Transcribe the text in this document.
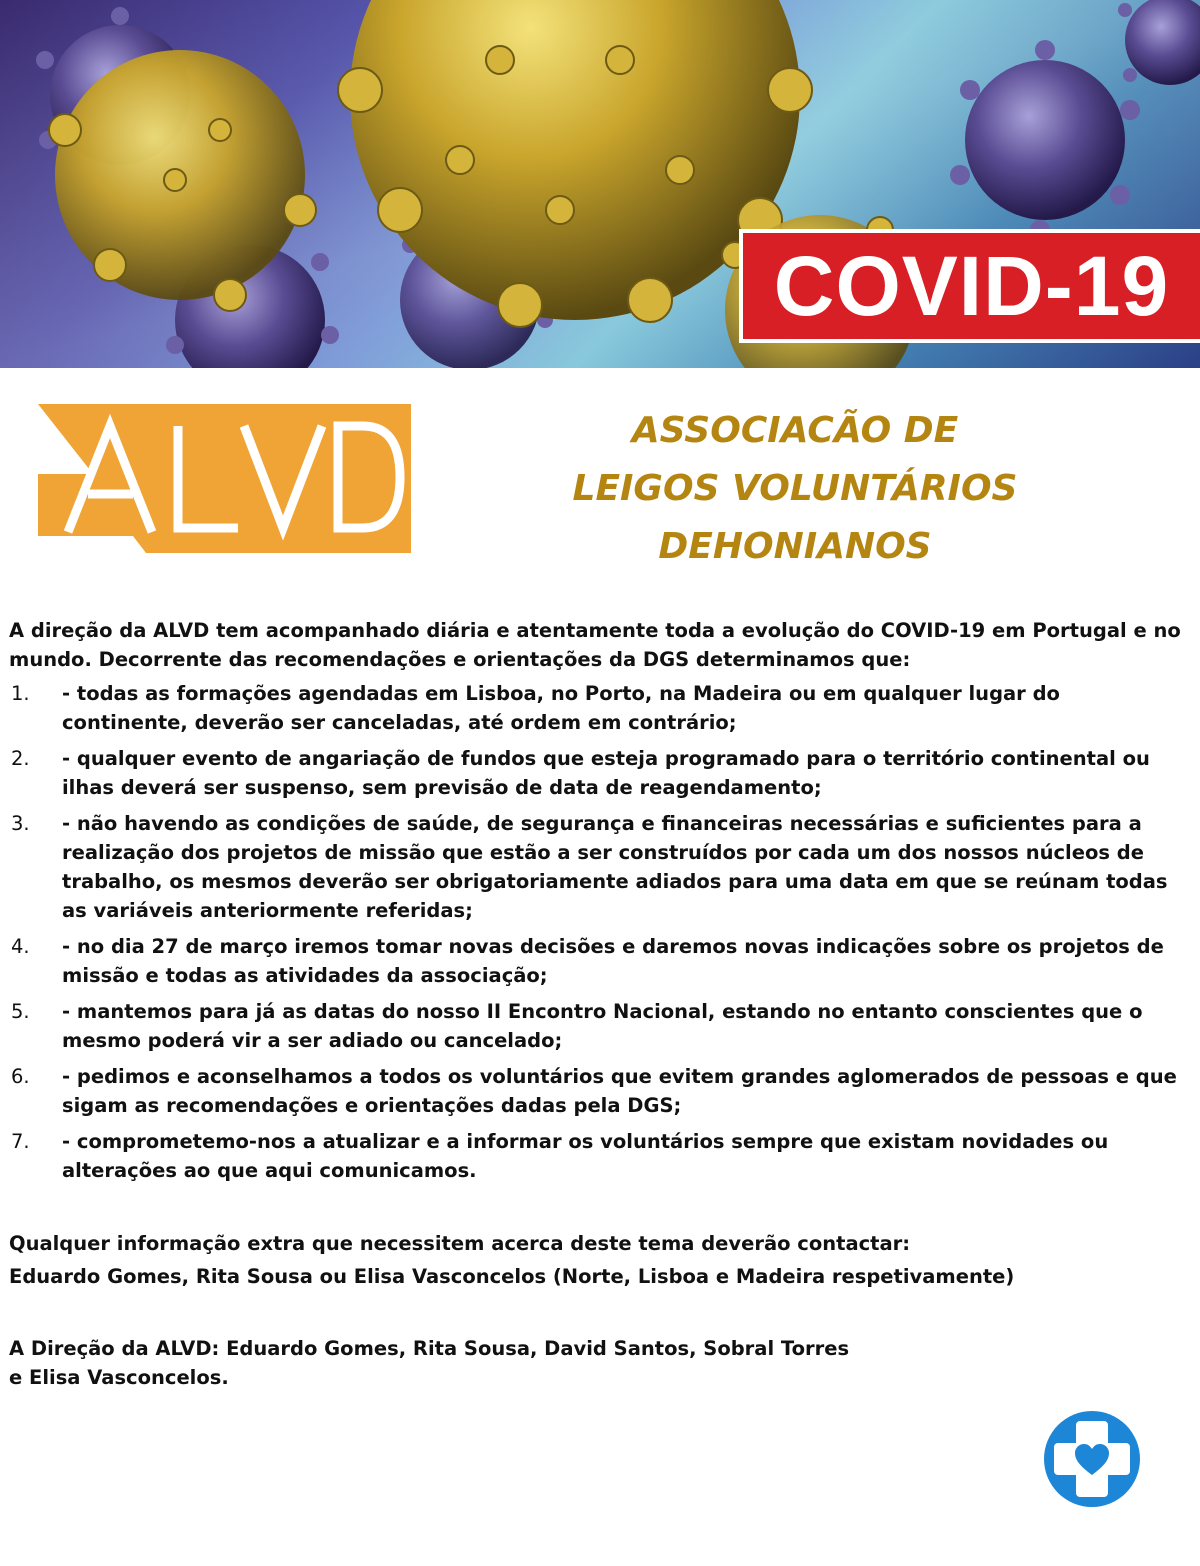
COVID-19
ASSOCIACÃO DE
LEIGOS VOLUNTÁRIOS
DEHONIANOS

A direção da ALVD tem acompanhado diária e atentamente toda a evolução do COVID-19 em Portugal e no mundo. Decorrente das recomendações e orientações da DGS determinamos que:

1. - todas as formações agendadas em Lisboa, no Porto, na Madeira ou em qualquer lugar do continente, deverão ser canceladas, até ordem em contrário;
2. - qualquer evento de angariação de fundos que esteja programado para o território continental ou ilhas deverá ser suspenso, sem previsão de data de reagendamento;
3. - não havendo as condições de saúde, de segurança e financeiras necessárias e suficientes para a realização dos projetos de missão que estão a ser construídos por cada um dos nossos núcleos de trabalho, os mesmos deverão ser obrigatoriamente adiados para uma data em que se reúnam todas as variáveis anteriormente referidas;
4. - no dia 27 de março iremos tomar novas decisões e daremos novas indicações sobre os projetos de missão e todas as atividades da associação;
5. - mantemos para já as datas do nosso II Encontro Nacional, estando no entanto conscientes que o mesmo poderá vir a ser adiado ou cancelado;
6. - pedimos e aconselhamos a todos os voluntários que evitem grandes aglomerados de pessoas e que sigam as recomendações e orientações dadas pela DGS;
7. - comprometemo-nos a atualizar e a informar os voluntários sempre que existam novidades ou alterações ao que aqui comunicamos.

Qualquer informação extra que necessitem acerca deste tema deverão contactar:

Eduardo Gomes, Rita Sousa ou Elisa Vasconcelos (Norte, Lisboa e Madeira respetivamente)

A Direção da ALVD: Eduardo Gomes, Rita Sousa, David Santos, Sobral Torres

e Elisa Vasconcelos.
